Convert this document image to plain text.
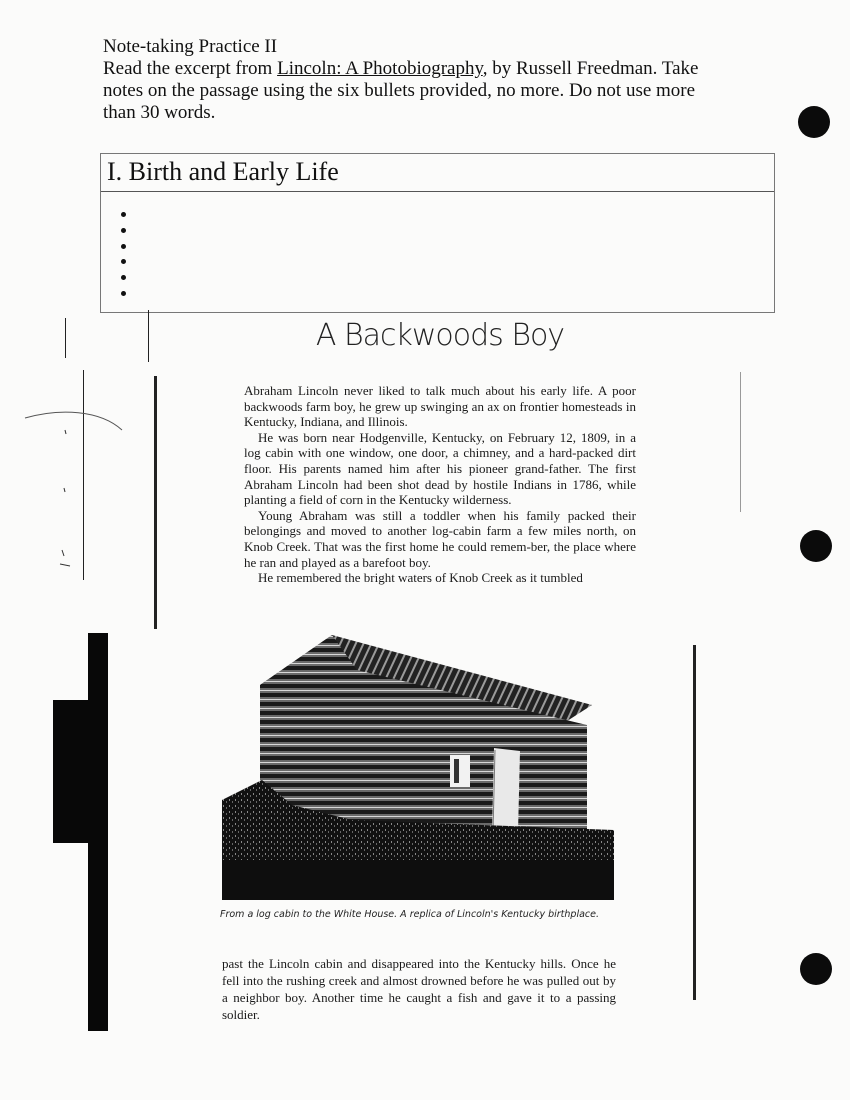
Note-taking Practice II
Read the excerpt from Lincoln: A Photobiography, by Russell Freedman. Take
notes on the passage using the six bullets provided, no more. Do not use more
than 30 words.
I. Birth and Early Life
A Backwoods Boy

Abraham Lincoln never liked to talk much about his early life. A poor backwoods farm boy, he grew up swinging an ax on frontier homesteads in Kentucky, Indiana, and Illinois.

He was born near Hodgenville, Kentucky, on February 12, 1809, in a log cabin with one window, one door, a chimney, and a hard-packed dirt floor. His parents named him after his pioneer grand-father. The first Abraham Lincoln had been shot dead by hostile Indians in 1786, while planting a field of corn in the Kentucky wilderness.

Young Abraham was still a toddler when his family packed their belongings and moved to another log-cabin farm a few miles north, on Knob Creek. That was the first home he could remem-ber, the place where he ran and played as a barefoot boy.

He remembered the bright waters of Knob Creek as it tumbled

From a log cabin to the White House. A replica of Lincoln's Kentucky birthplace.

past the Lincoln cabin and disappeared into the Kentucky hills. Once he fell into the rushing creek and almost drowned before he was pulled out by a neighbor boy. Another time he caught a fish and gave it to a passing soldier.
